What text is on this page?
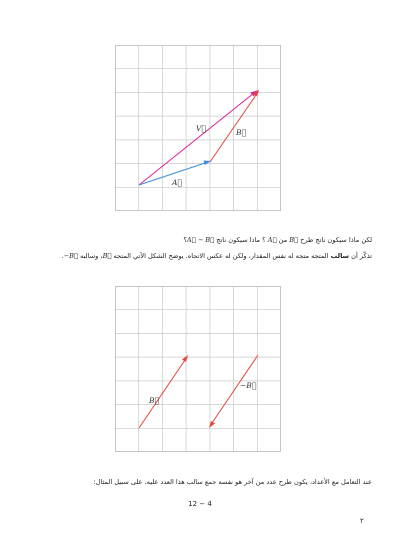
V⃗	B⃗
A⃗

لكن ماذا سيكون ناتج طرح B⃗ من A⃗ ؟ ماذا سيكون ناتج A⃗ − B⃗؟

تذكّر أن سالب المتجه متجه له نفس المقدار، ولكن له عكس الاتجاه. يوضح الشكل الآتي المتجه B⃗، وسالبه −B⃗.

B⃗
−B⃗

عند التعامل مع الأعداد، يكون طرح عدد من آخر هو نفسه جمع سالب هذا العدد عليه. على سبيل المثال:

12 − 4
٢
